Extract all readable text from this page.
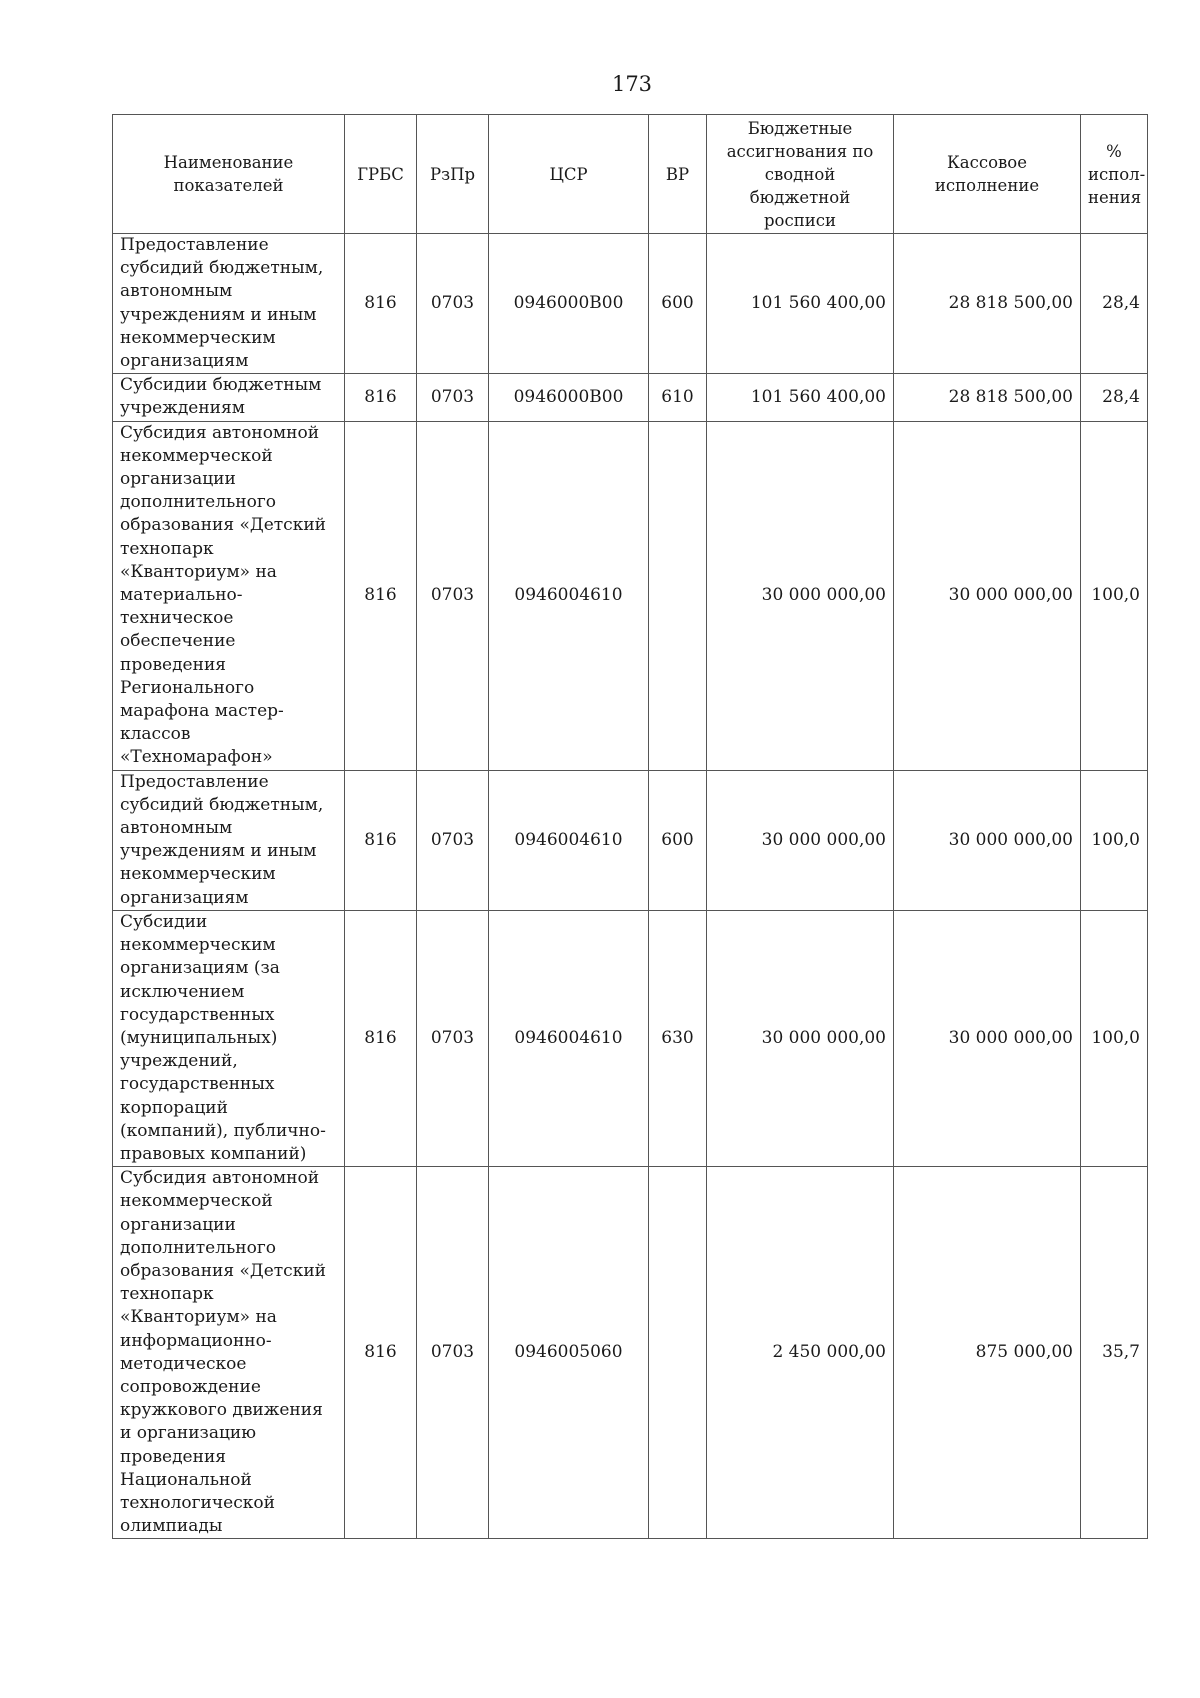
173
Наименование показателей	ГРБС	РзПр	ЦСР	ВР	Бюджетные ассигнования по сводной бюджетной росписи	Кассовое исполнение	% испол- нения
Предоставление субсидий бюджетным, автономным учреждениям и иным некоммерческим организациям	816	0703	0946000В00	600	101 560 400,00	28 818 500,00	28,4
Субсидии бюджетным учреждениям	816	0703	0946000В00	610	101 560 400,00	28 818 500,00	28,4
Субсидия автономной некоммерческой организации дополнительного образования «Детский технопарк «Кванториум» на материально-техническое обеспечение проведения Регионального марафона мастер-классов «Техномарафон»	816	0703	0946004610		30 000 000,00	30 000 000,00	100,0
Предоставление субсидий бюджетным, автономным учреждениям и иным некоммерческим организациям	816	0703	0946004610	600	30 000 000,00	30 000 000,00	100,0
Субсидии некоммерческим организациям (за исключением государственных (муниципальных) учреждений, государственных корпораций (компаний), публично-правовых компаний)	816	0703	0946004610	630	30 000 000,00	30 000 000,00	100,0
Субсидия автономной некоммерческой организации дополнительного образования «Детский технопарк «Кванториум» на информационно-методическое сопровождение кружкового движения и организацию проведения Национальной технологической олимпиады	816	0703	0946005060		2 450 000,00	875 000,00	35,7
